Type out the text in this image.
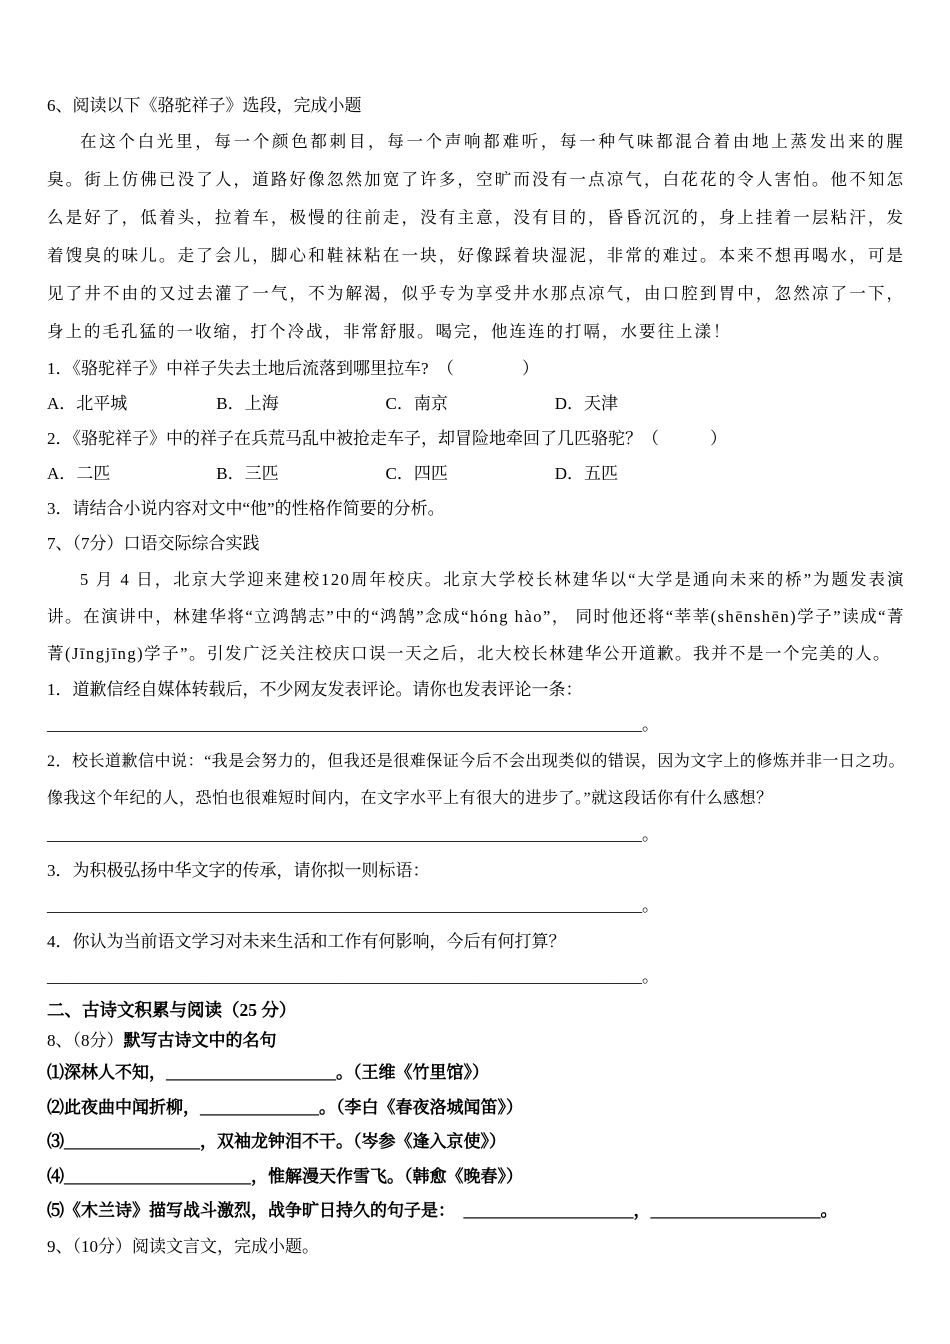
6、阅读以下《骆驼祥子》选段，完成小题
在这个白光里，每一个颜色都刺目，每一个声响都难听，每一种气味都混合着由地上蒸发出来的腥臭。街上仿佛已没了人，道路好像忽然加宽了许多，空旷而没有一点凉气，白花花的令人害怕。他不知怎么是好了，低着头，拉着车，极慢的往前走，没有主意，没有目的，昏昏沉沉的，身上挂着一层粘汗，发着馊臭的味儿。走了会儿，脚心和鞋袜粘在一块，好像踩着块湿泥，非常的难过。本来不想再喝水，可是见了井不由的又过去灌了一气，不为解渴，似乎专为享受井水那点凉气，由口腔到胃中，忽然凉了一下，身上的毛孔猛的一收缩，打个冷战，非常舒服。喝完，他连连的打嗝，水要往上漾！
1．《骆驼祥子》中祥子失去土地后流落到哪里拉车?　（　　　　）
A．北平城	B．上海	C．南京	D．天津
2．《骆驼祥子》中的祥子在兵荒马乱中被抢走车子，却冒险地牵回了几匹骆驼？（　　　）
A．二匹	B．三匹	C．四匹	D．五匹
3．请结合小说内容对文中“他”的性格作简要的分析。
7、（7分）口语交际综合实践
5 月 4 日，北京大学迎来建校120周年校庆。北京大学校长林建华以“大学是通向未来的桥”为题发表演讲。在演讲中，林建华将“立鸿鹄志”中的“鸿鹄”念成“hóng hào”， 同时他还将“莘莘(shēnshēn)学子”读成“菁菁(Jīngjīng)学子”。引发广泛关注校庆口误一天之后，北大校长林建华公开道歉。我并不是一个完美的人。
1．道歉信经自媒体转载后，不少网友发表评论。请你也发表评论一条：
______________________________________________________________________。
2．校长道歉信中说：“我是会努力的，但我还是很难保证今后不会出现类似的错误，因为文字上的修炼并非一日之功。像我这个年纪的人，恐怕也很难短时间内，在文字水平上有很大的进步了。”就这段话你有什么感想？
______________________________________________________________________。
3．为积极弘扬中华文字的传承，请你拟一则标语：
______________________________________________________________________。
4．你认为当前语文学习对未来生活和工作有何影响，今后有何打算？
______________________________________________________________________。
二、古诗文积累与阅读（25 分）
8、（8分）默写古诗文中的名句
⑴深林人不知，____________________。（王维《竹里馆》）
⑵此夜曲中闻折柳，______________。（李白《春夜洛城闻笛》）
⑶________________，双袖龙钟泪不干。（岑参《逢入京使》）
⑷______________________，惟解漫天作雪飞。（韩愈《晚春》）
⑸《木兰诗》描写战斗激烈，战争旷日持久的句子是：　____________________，____________________。
9、（10分）阅读文言文，完成小题。
